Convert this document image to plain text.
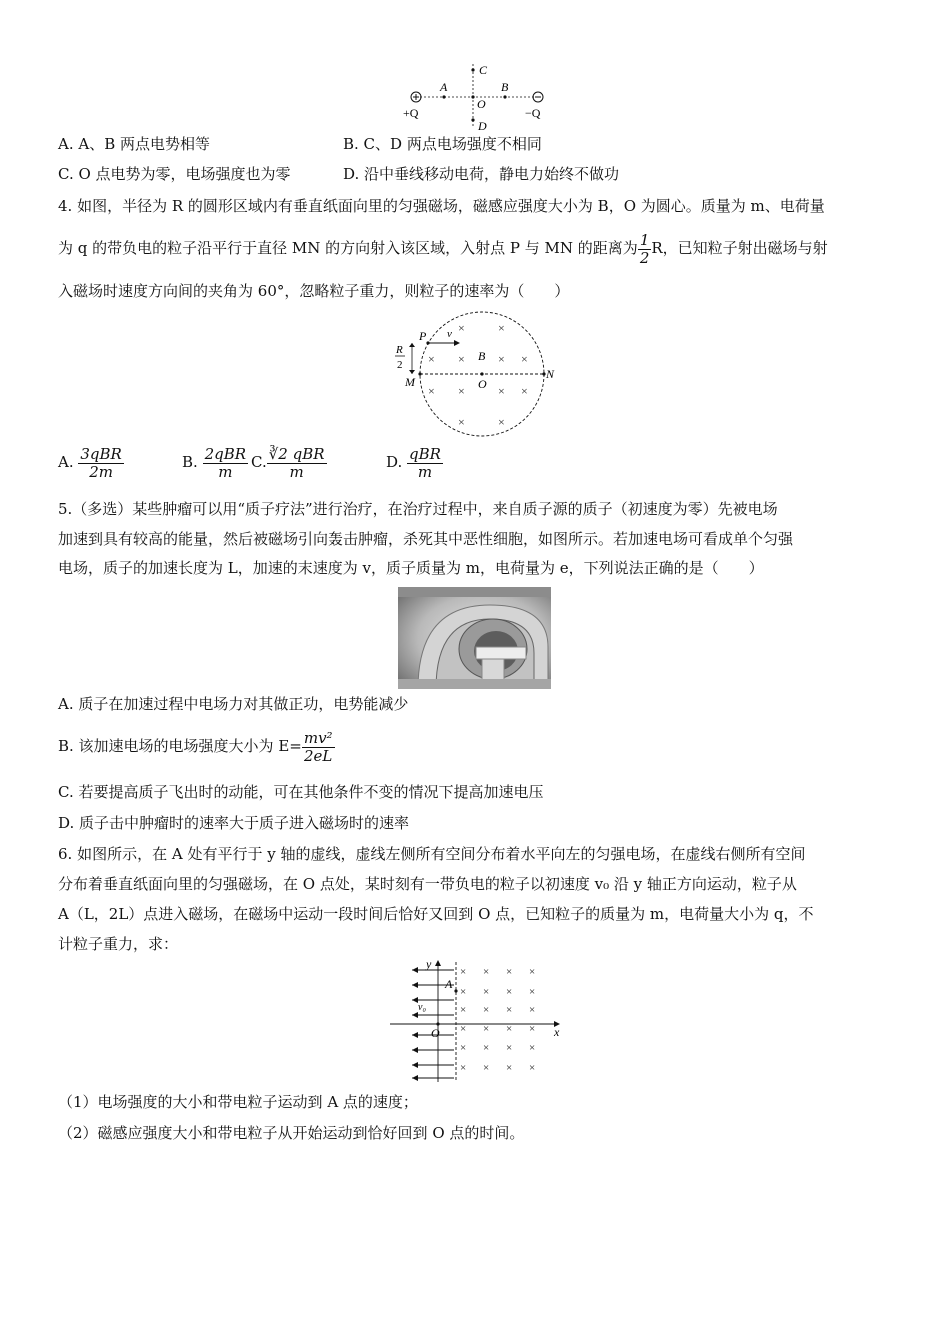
C
A	B
O
D
+Q	−Q
A. A、B 两点电势相等	B. C、D 两点电场强度不相同
C. O 点电势为零，电场强度也为零	D. 沿中垂线移动电荷，静电力始终不做功
4. 如图，半径为 R 的圆形区域内有垂直纸面向里的匀强磁场，磁感应强度大小为 B，O 为圆心。质量为 m、电荷量
为 q 的带负电的粒子沿平行于直径 MN 的方向射入该区域，入射点 P 与 MN 的距离为 $\frac{1}{2}$ R，已知粒子射出磁场与射
入磁场时速度方向间的夹角为 60°，忽略粒子重力，则粒子的速率为（　　）
P v
R
2
M
B
O
N
×	×
× ×	× ×
× ×	× ×
×	×
A. $\frac{\text{3qBR}}{2m}$	B. $\frac{\text{2qBR}}{m} C$. $\frac{\text{∛2 qBR}}{m}$	D. $\frac{\text{qBR}}{m}$
5.（多选）某些肿瘤可以用“质子疗法”进行治疗，在治疗过程中，来自质子源的质子（初速度为零）先被电场
加速到具有较高的能量，然后被磁场引向轰击肿瘤，杀死其中恶性细胞，如图所示。若加速电场可看成单个匀强
电场，质子的加速长度为 L，加速的末速度为 v，质子质量为 m，电荷量为 e，下列说法正确的是（　　）
A. 质子在加速过程中电场力对其做正功，电势能减少
B. 该加速电场的电场强度大小为 $E= \frac{\text{mv²}}{2eL}$
C. 若要提高质子飞出时的动能，可在其他条件不变的情况下提高加速电压
D. 质子击中肿瘤时的速率大于质子进入磁场时的速率
6. 如图所示，在 A 处有平行于 y 轴的虚线，虚线左侧所有空间分布着水平向左的匀强电场，在虚线右侧所有空间
分布着垂直纸面向里的匀强磁场，在 O 点处，某时刻有一带负电的粒子以初速度 v₀ 沿 y 轴正方向运动，粒子从
A（L，2L）点进入磁场，在磁场中运动一段时间后恰好又回到 O 点，已知粒子的质量为 m，电荷量大小为 q，不
计粒子重力，求：
y
A
v₀
O	x
× × × ×
× × × ×
× × × ×
× × × ×
× × × ×
× × × ×
（1）电场强度的大小和带电粒子运动到 A 点的速度；
（2）磁感应强度大小和带电粒子从开始运动到恰好回到 O 点的时间。
